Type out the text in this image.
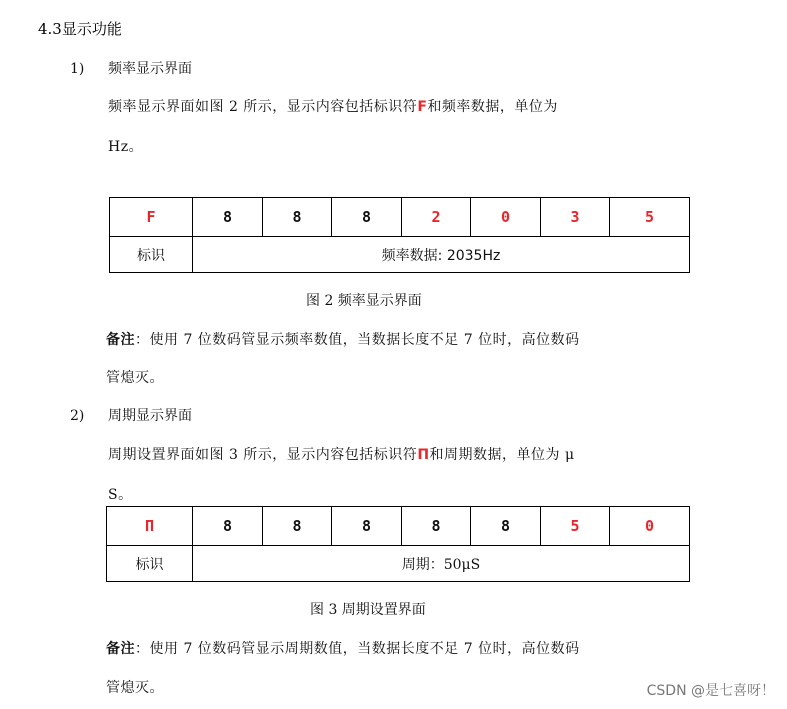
4.3显示功能
1) 频率显示界面
频率显示界面如图 2 所示，显示内容包括标识符F和频率数据，单位为
Hz。
F	8	8	8	2	0	3	5
标识	频率数据: 2035Hz						
图 2 频率显示界面
备注：使用 7 位数码管显示频率数值，当数据长度不足 7 位时，高位数码
管熄灭。
2) 周期显示界面
周期设置界面如图 3 所示，显示内容包括标识符П和周期数据，单位为 μ
S。
П	8	8	8	8	8	5	0
标识	周期：50μS						
图 3 周期设置界面
备注：使用 7 位数码管显示周期数值，当数据长度不足 7 位时，高位数码
管熄灭。	CSDN @是七喜呀！
